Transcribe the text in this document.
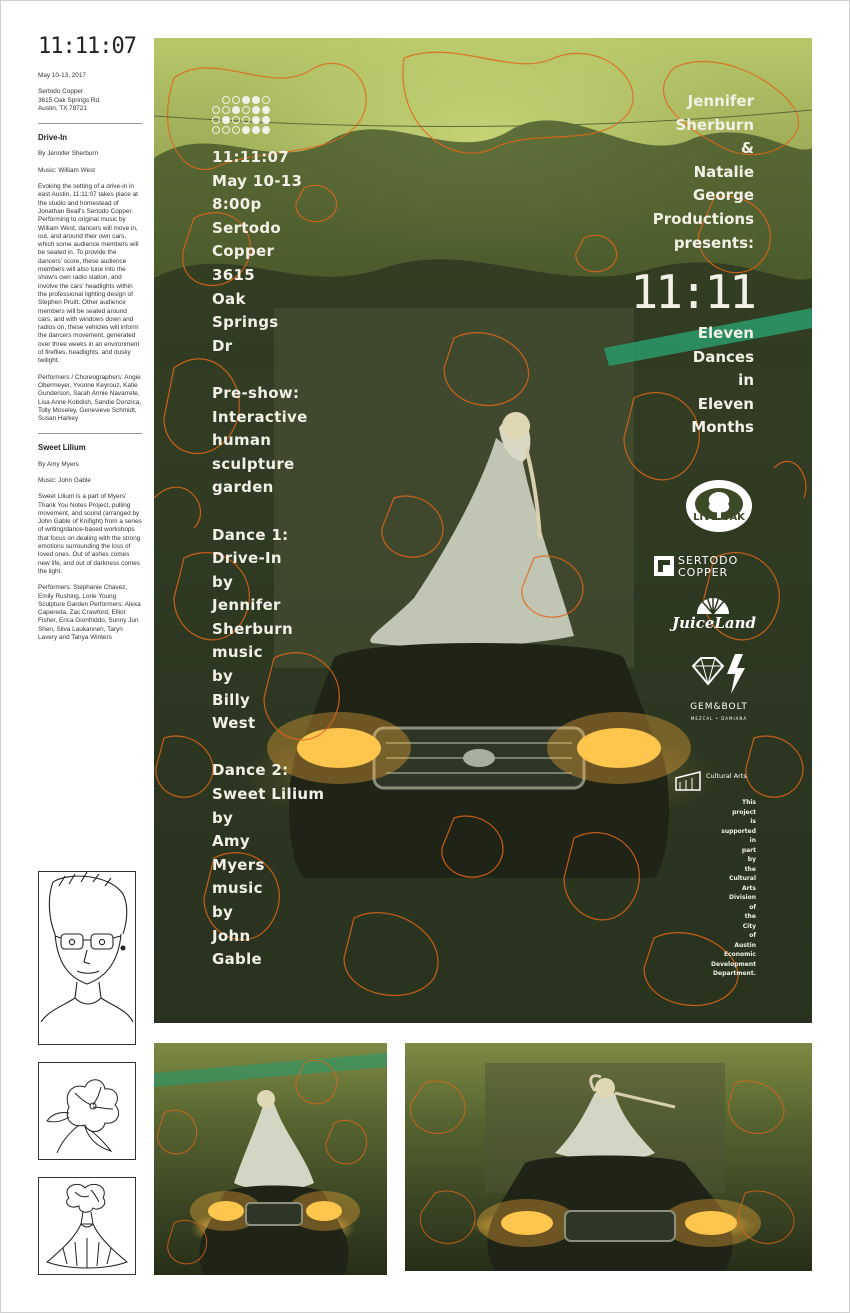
11:11:07

May 10-13, 2017

Sertodo Copper
3615 Oak Springs Rd.
Austin, TX 78721

Drive-In

By Jennifer Sherburn

Music: William West

Evoking the setting of a drive-in in east Austin, 11:11:07 takes place at the studio and homestead of Jonathan Beall's Sertodo Copper. Performing to original music by William West, dancers will move in, out, and around their own cars, which some audience members will be seated in. To provide the dancers' score, these audience members will also tune into the show's own radio station, and involve the cars' headlights within the professional lighting design of Stephen Pruitt. Other audience members will be seated around cars, and with windows down and radios on, these vehicles will inform the dancers movement, generated over three weeks in an environment of fireflies, headlights, and dusky twilight.

Performers / Choreographers: Angie Obermeyer, Yvonne Keyrouz, Katie Gunderson, Sarah Annie Navarrete, Lisa Anne Kobdish, Sandie Donzica, Tolly Moseley, Genevieve Schmidt, Susan Harkey

Sweet Lilium

By Amy Myers

Music: John Gable

Sweet Lilium is a part of Myers' Thank You Notes Project, pulling movement, and sound (arranged by John Gable of Knifight) from a series of writing/dance-based workshops that focus on dealing with the strong emotions surrounding the loss of loved ones. Out of ashes comes new life, and out of darkness comes the light.

Performers: Stephanie Chavez, Emily Rushing, Lorie Young

Sculpture Garden Performers: Alexa Capereda, Zac Crawford, Elliot Fisher, Erica Gionfriddo, Sunny Jun Shen, Silva Laukannen, Taryn Lavery and Tanya Winters

11:11:07
May 10-13
8:00p
Sertodo
Copper
3615
Oak
Springs
Dr
Pre-show:
Interactive
human
sculpture
garden
Dance 1:
Drive-In
by
Jennifer
Sherburn
music
by
Billy
West
Dance 2:
Sweet Lilium
by
Amy
Myers
music
by
John
Gable
Jennifer
Sherburn
&
Natalie
George
Productions
presents:
11:11
Eleven
Dances
in
Eleven
Months
LIVE OAK
SERTODO
COPPER
JuiceLand
GEM&BOLT
MEZCAL • DAMIANA
Cultural Arts
This
project
is
supported
in
part
by
the
Cultural
Arts
Division
of
the
City
of
Austin
Economic
Development
Department.
